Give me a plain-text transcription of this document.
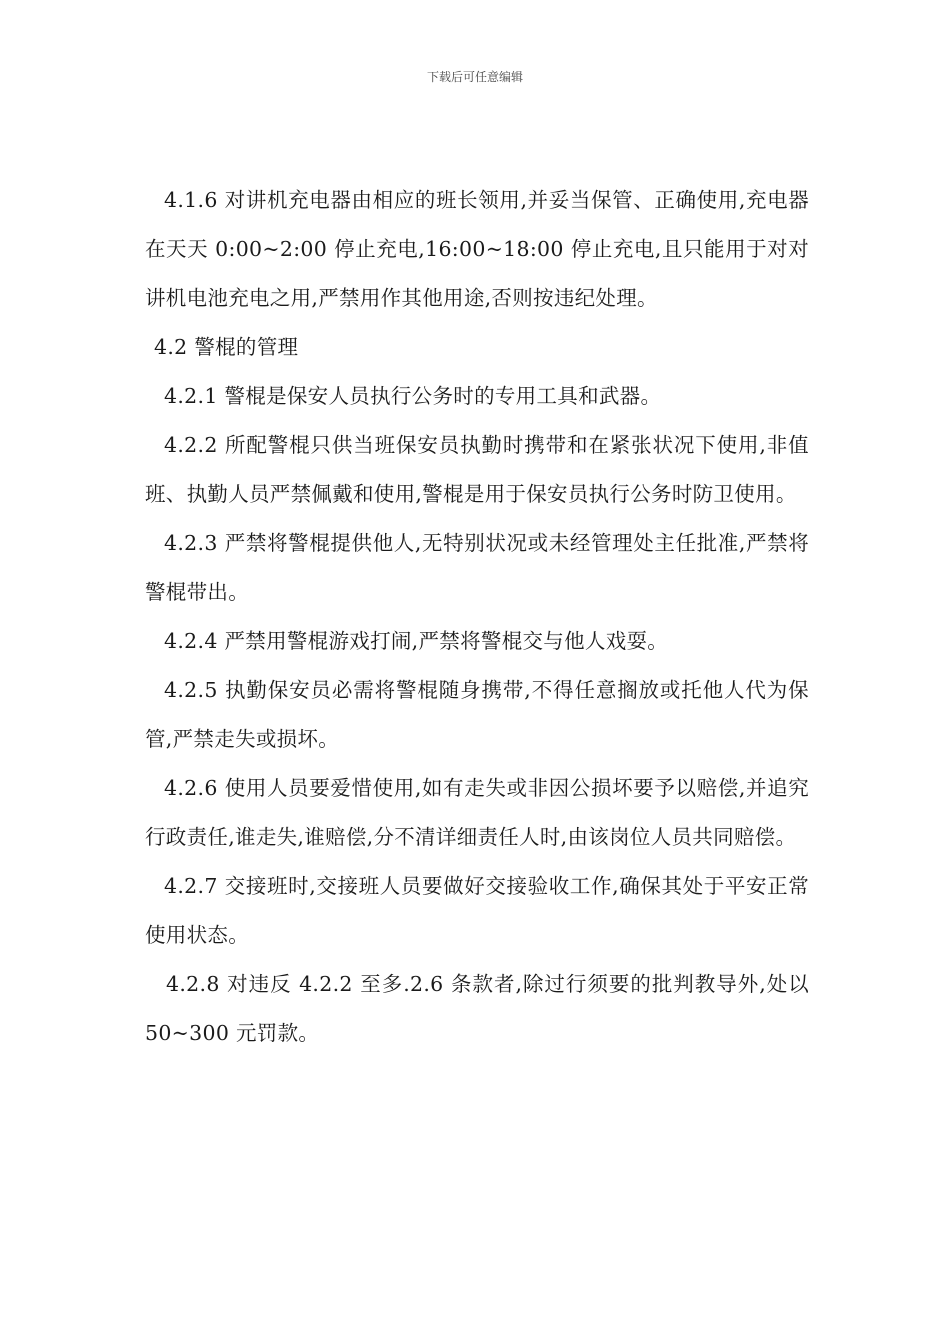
下载后可任意编辑

4.1.6 对讲机充电器由相应的班长领用,并妥当保管、正确使用,充电器在天天 0:00~2:00 停止充电,16:00~18:00 停止充电,且只能用于对对讲机电池充电之用,严禁用作其他用途,否则按违纪处理。

4.2 警棍的管理

4.2.1 警棍是保安人员执行公务时的专用工具和武器。

4.2.2 所配警棍只供当班保安员执勤时携带和在紧张状况下使用,非值班、执勤人员严禁佩戴和使用,警棍是用于保安员执行公务时防卫使用。

4.2.3 严禁将警棍提供他人,无特别状况或未经管理处主任批准,严禁将警棍带出。

4.2.4 严禁用警棍游戏打闹,严禁将警棍交与他人戏耍。

4.2.5 执勤保安员必需将警棍随身携带,不得任意搁放或托他人代为保管,严禁走失或损坏。

4.2.6 使用人员要爱惜使用,如有走失或非因公损坏要予以赔偿,并追究行政责任,谁走失,谁赔偿,分不清详细责任人时,由该岗位人员共同赔偿。

4.2.7 交接班时,交接班人员要做好交接验收工作,确保其处于平安正常使用状态。

4.2.8 对违反 4.2.2 至多.2.6 条款者,除过行须要的批判教导外,处以 50~300 元罚款。
